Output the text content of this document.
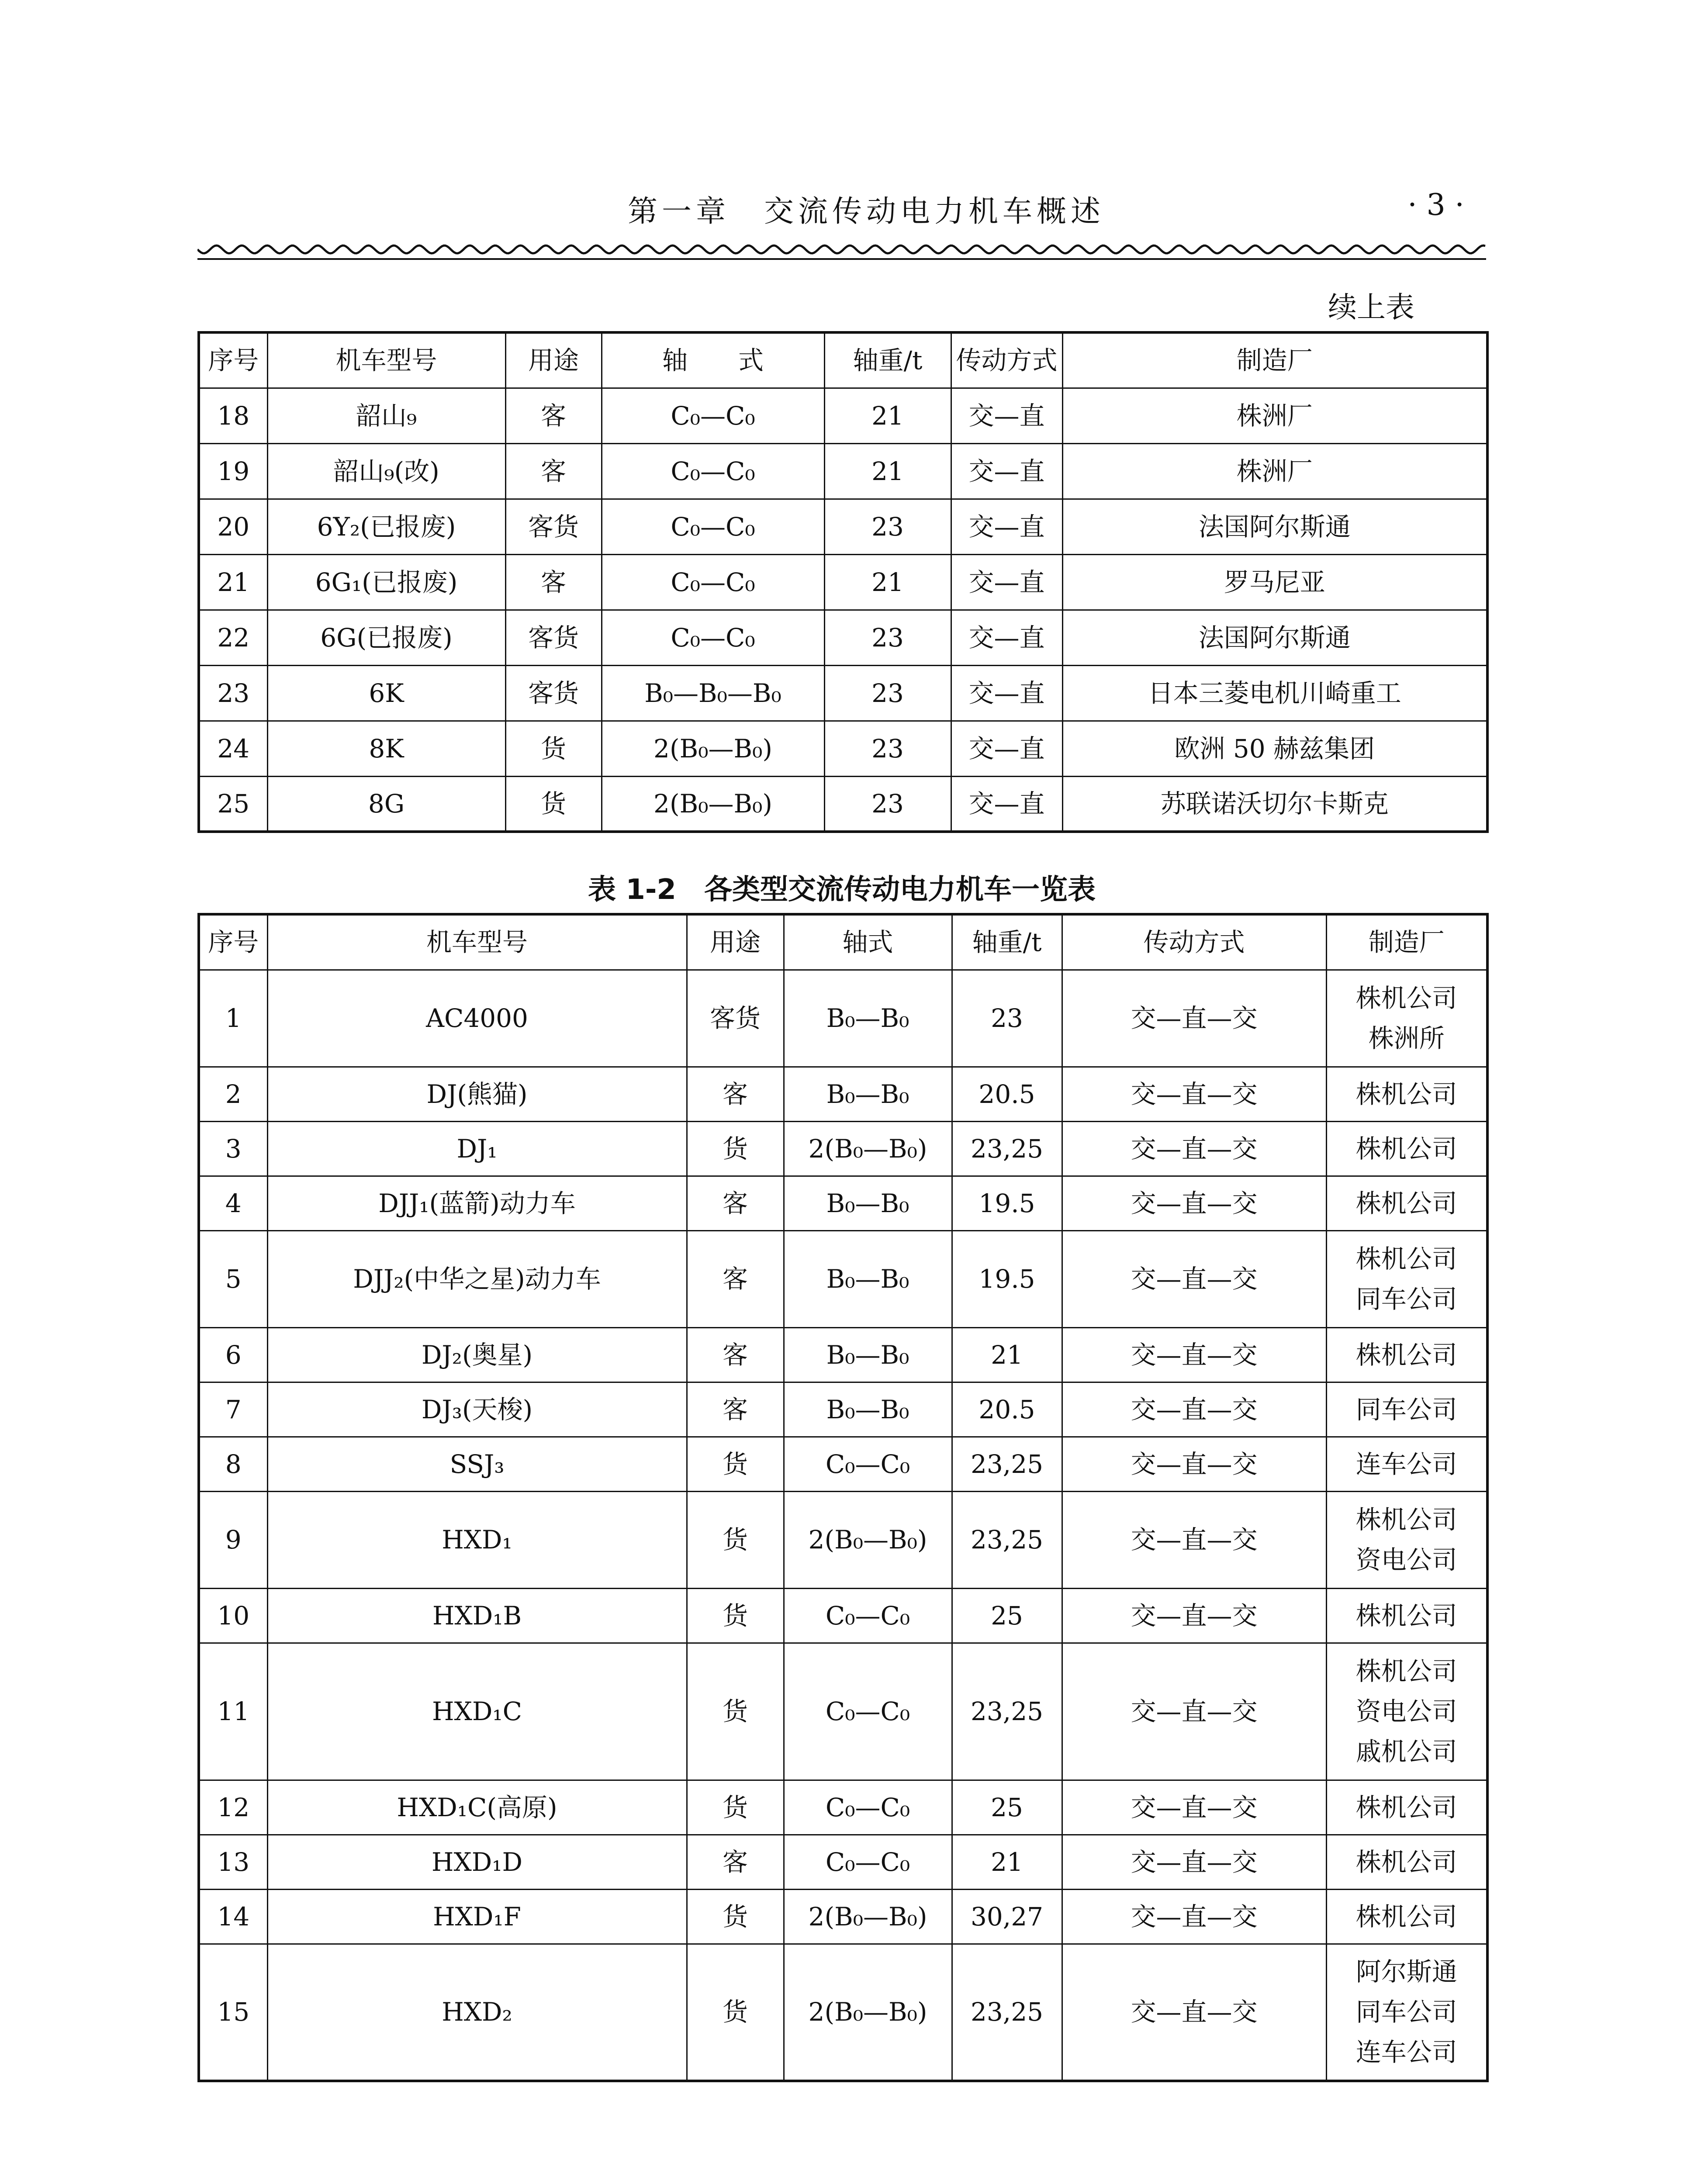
第一章　交流传动电力机车概述	· 3 ·
续上表
序号	机车型号	用途	轴　　式	轴重/t	传动方式	制造厂
18	韶山₉	客	C₀—C₀	21	交—直	株洲厂
19	韶山₉(改)	客	C₀—C₀	21	交—直	株洲厂
20	6Y₂(已报废)	客货	C₀—C₀	23	交—直	法国阿尔斯通
21	6G₁(已报废)	客	C₀—C₀	21	交—直	罗马尼亚
22	6G(已报废)	客货	C₀—C₀	23	交—直	法国阿尔斯通
23	6K	客货	B₀—B₀—B₀	23	交—直	日本三菱电机川崎重工
24	8K	货	2(B₀—B₀)	23	交—直	欧洲 50 赫兹集团
25	8G	货	2(B₀—B₀)	23	交—直	苏联诺沃切尔卡斯克
表 1-2　各类型交流传动电力机车一览表
序号	机车型号	用途	轴式	轴重/t	传动方式	制造厂
1	AC4000	客货	B₀—B₀	23	交—直—交	株机公司
株洲所
2	DJ(熊猫)	客	B₀—B₀	20.5	交—直—交	株机公司
3	DJ₁	货	2(B₀—B₀)	23,25	交—直—交	株机公司
4	DJJ₁(蓝箭)动力车	客	B₀—B₀	19.5	交—直—交	株机公司
5	DJJ₂(中华之星)动力车	客	B₀—B₀	19.5	交—直—交	株机公司
同车公司
6	DJ₂(奥星)	客	B₀—B₀	21	交—直—交	株机公司
7	DJ₃(天梭)	客	B₀—B₀	20.5	交—直—交	同车公司
8	SSJ₃	货	C₀—C₀	23,25	交—直—交	连车公司
9	HXD₁	货	2(B₀—B₀)	23,25	交—直—交	株机公司
资电公司
10	HXD₁B	货	C₀—C₀	25	交—直—交	株机公司
11	HXD₁C	货	C₀—C₀	23,25	交—直—交	株机公司
资电公司
戚机公司
12	HXD₁C(高原)	货	C₀—C₀	25	交—直—交	株机公司
13	HXD₁D	客	C₀—C₀	21	交—直—交	株机公司
14	HXD₁F	货	2(B₀—B₀)	30,27	交—直—交	株机公司
15	HXD₂	货	2(B₀—B₀)	23,25	交—直—交	阿尔斯通
同车公司
连车公司
